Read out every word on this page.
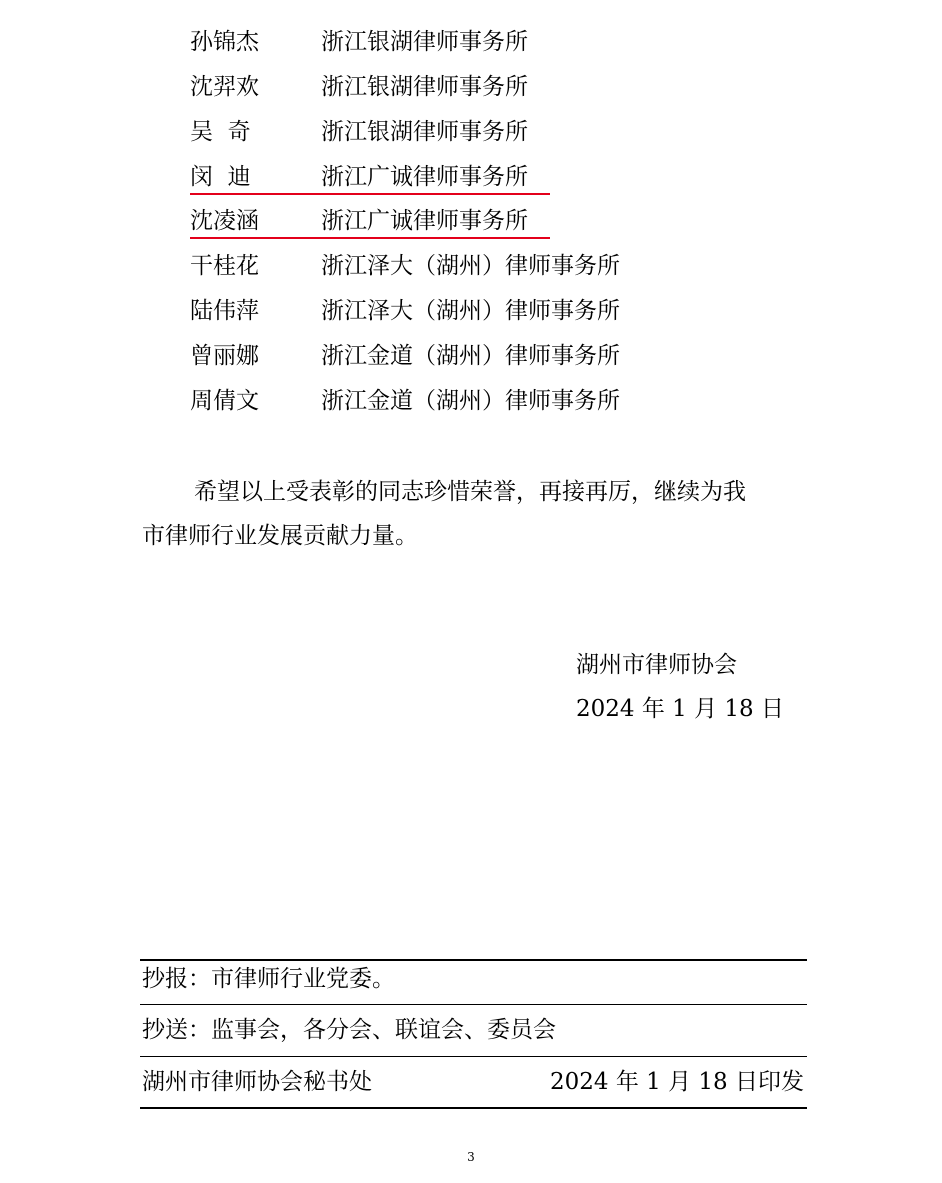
孙锦杰	浙江银湖律师事务所
沈羿欢	浙江银湖律师事务所
吴  奇	浙江银湖律师事务所
闵  迪	浙江广诚律师事务所
沈凌涵	浙江广诚律师事务所
干桂花	浙江泽大（湖州）律师事务所
陆伟萍	浙江泽大（湖州）律师事务所
曾丽娜	浙江金道（湖州）律师事务所
周倩文	浙江金道（湖州）律师事务所
希望以上受表彰的同志珍惜荣誉，再接再厉，继续为我
市律师行业发展贡献力量。
湖州市律师协会
2024 年 1 月 18 日
抄报：市律师行业党委。
抄送：监事会，各分会、联谊会、委员会
湖州市律师协会秘书处	2024 年 1 月 18 日印发
3
